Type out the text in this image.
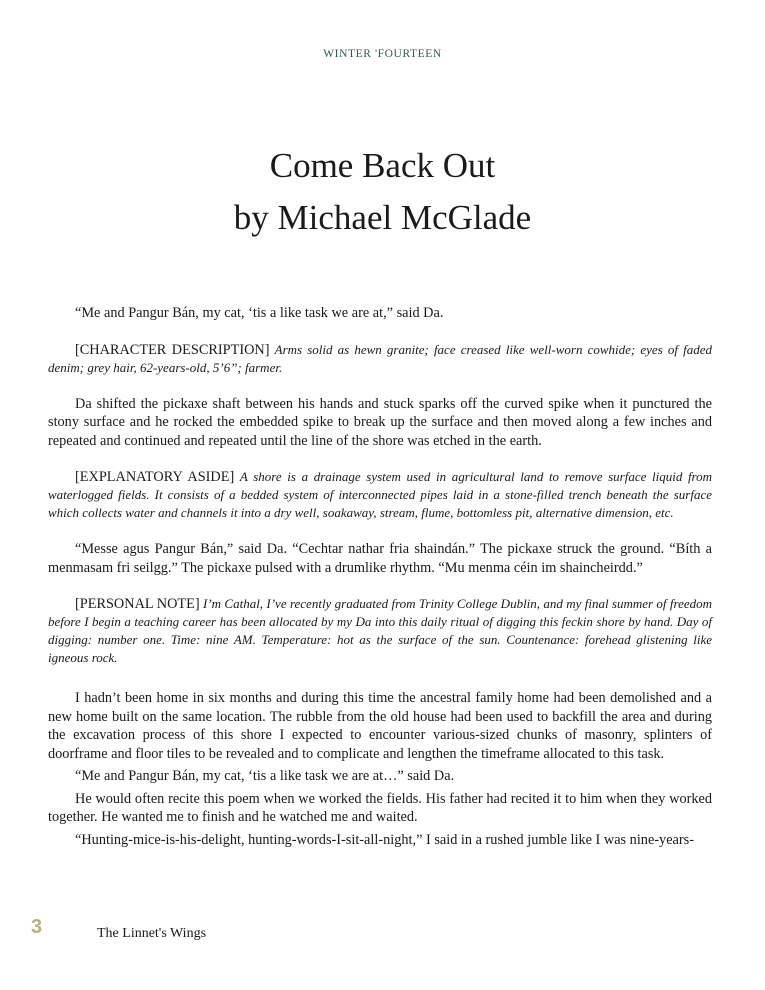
WINTER 'FOURTEEN
Come Back Out
by Michael McGlade

“Me and Pangur Bán, my cat, ‘tis a like task we are at,” said Da.

[CHARACTER DESCRIPTION] Arms solid as hewn granite; face creased like well-worn cowhide; eyes of faded denim; grey hair, 62-years-old, 5’6”; farmer.

Da shifted the pickaxe shaft between his hands and stuck sparks off the curved spike when it punctured the stony surface and he rocked the embedded spike to break up the surface and then moved along a few inches and repeated and continued and repeated until the line of the shore was etched in the earth.

[EXPLANATORY ASIDE] A shore is a drainage system used in agricultural land to remove surface liquid from waterlogged fields. It consists of a bedded system of interconnected pipes laid in a stone-filled trench beneath the surface which collects water and channels it into a dry well, soakaway, stream, flume, bottomless pit, alternative dimension, etc.

“Messe agus Pangur Bán,” said Da. “Cechtar nathar fria shaindán.” The pickaxe struck the ground. “Bíth a menmasam fri seilgg.” The pickaxe pulsed with a drumlike rhythm. “Mu menma céin im shaincheirdd.”

[PERSONAL NOTE] I’m Cathal, I’ve recently graduated from Trinity College Dublin, and my final summer of freedom before I begin a teaching career has been allocated by my Da into this daily ritual of digging this feckin shore by hand. Day of digging: number one. Time: nine AM. Temperature: hot as the surface of the sun. Countenance: forehead glistening like igneous rock.

I hadn’t been home in six months and during this time the ancestral family home had been demolished and a new home built on the same location. The rubble from the old house had been used to backfill the area and during the excavation process of this shore I expected to encounter various-sized chunks of masonry, splinters of doorframe and floor tiles to be revealed and to complicate and lengthen the timeframe allocated to this task.

“Me and Pangur Bán, my cat, ‘tis a like task we are at…” said Da.

He would often recite this poem when we worked the fields. His father had recited it to him when they worked together. He wanted me to finish and he watched me and waited.

“Hunting-mice-is-his-delight, hunting-words-I-sit-all-night,” I said in a rushed jumble like I was nine-years-

3	The Linnet's Wings
